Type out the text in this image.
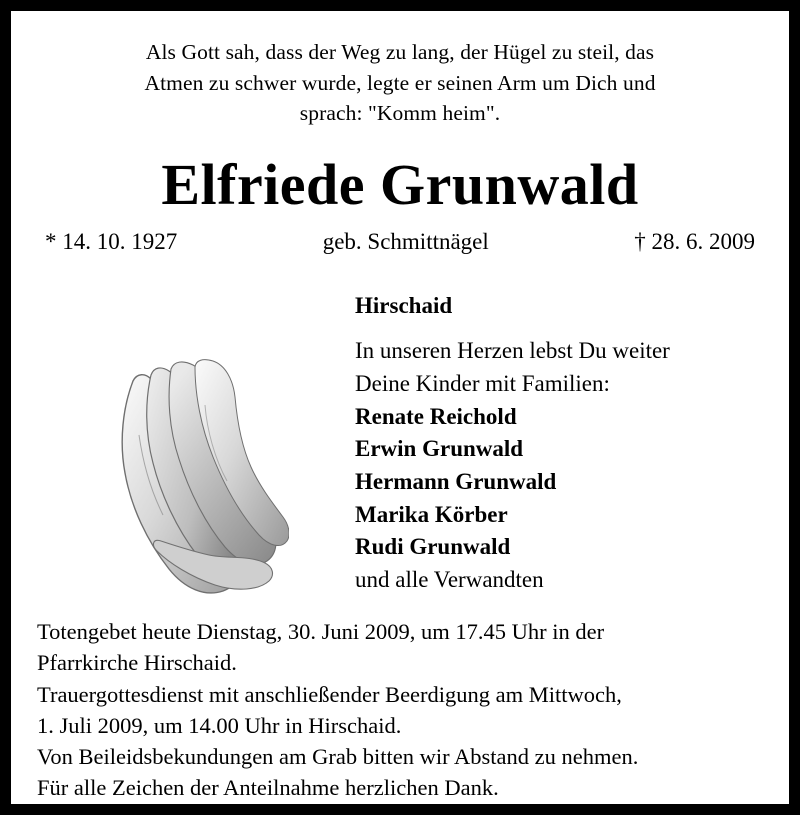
Als Gott sah, dass der Weg zu lang, der Hügel zu steil, das
Atmen zu schwer wurde, legte er seinen Arm um Dich und
sprach: "Komm heim".
Elfriede Grunwald
* 14. 10. 1927	geb. Schmittnägel	† 28. 6. 2009
Hirschaid
In unseren Herzen lebst Du weiter
Deine Kinder mit Familien:
Renate Reichold
Erwin Grunwald
Hermann Grunwald
Marika Körber
Rudi Grunwald
und alle Verwandten
Totengebet heute Dienstag, 30. Juni 2009, um 17.45 Uhr in der
Pfarrkirche Hirschaid.
Trauergottesdienst mit anschließender Beerdigung am Mittwoch,
1. Juli 2009, um 14.00 Uhr in Hirschaid.
Von Beileidsbekundungen am Grab bitten wir Abstand zu nehmen.
Für alle Zeichen der Anteilnahme herzlichen Dank.
